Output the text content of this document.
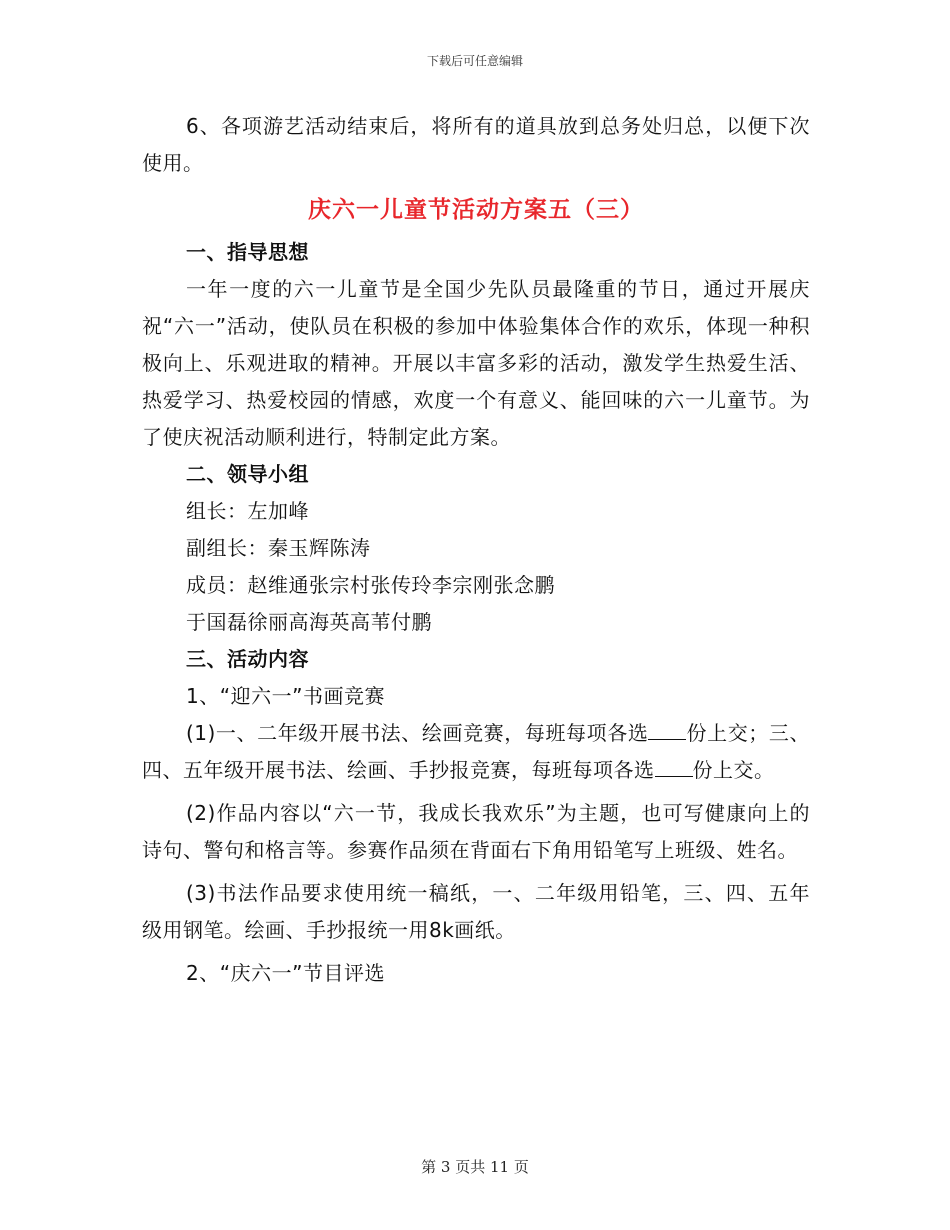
下载后可任意编辑

6、各项游艺活动结束后，将所有的道具放到总务处归总，以便下次使用。

庆六一儿童节活动方案五（三）

一、指导思想

一年一度的六一儿童节是全国少先队员最隆重的节日，通过开展庆祝“六一”活动，使队员在积极的参加中体验集体合作的欢乐，体现一种积极向上、乐观进取的精神。开展以丰富多彩的活动，激发学生热爱生活、热爱学习、热爱校园的情感，欢度一个有意义、能回味的六一儿童节。为了使庆祝活动顺利进行，特制定此方案。

二、领导小组

组长：左加峰

副组长：秦玉辉陈涛

成员：赵维通张宗村张传玲李宗刚张念鹏

于国磊徐丽高海英高苇付鹏

三、活动内容

1、“迎六一”书画竞赛

(1)一、二年级开展书法、绘画竞赛，每班每项各选 份上交；三、四、五年级开展书法、绘画、手抄报竞赛，每班每项各选 份上交。

(2)作品内容以“六一节，我成长我欢乐”为主题，也可写健康向上的诗句、警句和格言等。参赛作品须在背面右下角用铅笔写上班级、姓名。

(3)书法作品要求使用统一稿纸，一、二年级用铅笔，三、四、五年级用钢笔。绘画、手抄报统一用8k画纸。

2、“庆六一”节目评选

第 3 页共 11 页
